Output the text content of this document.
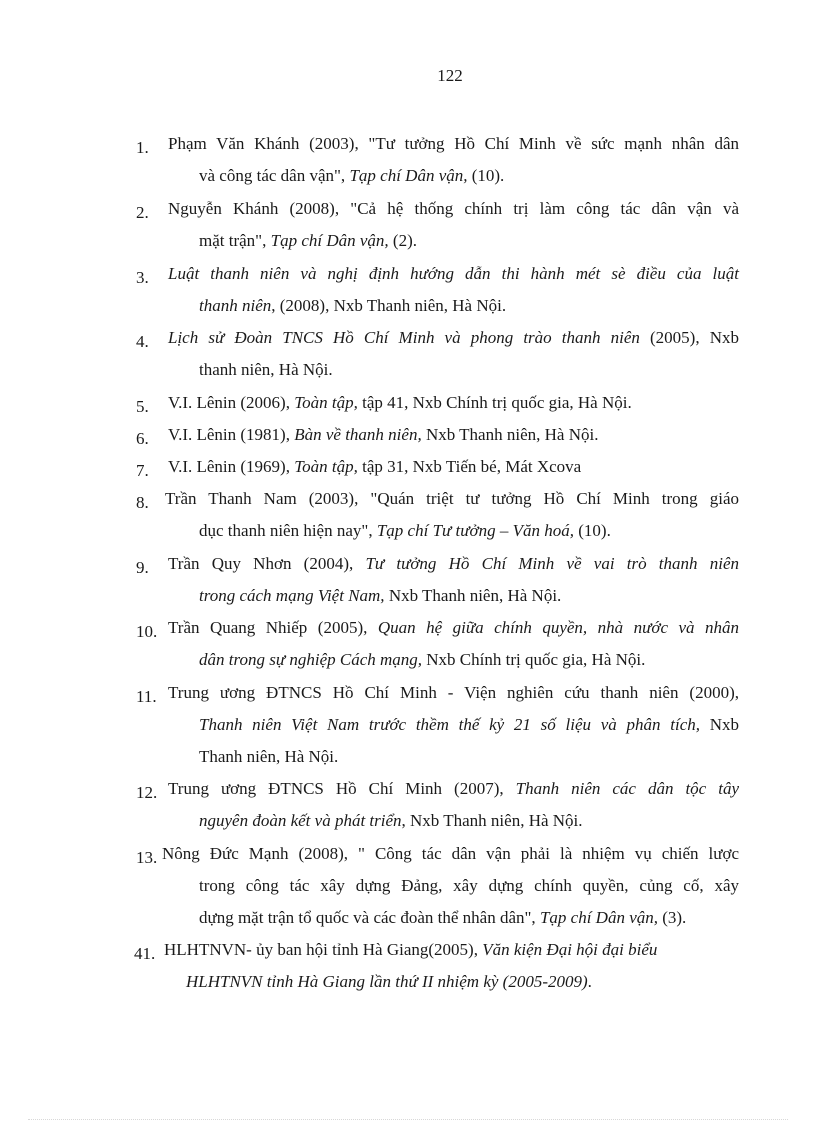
122
1. Phạm Văn Khánh (2003), "Tư tưởng Hồ Chí Minh về sức mạnh nhân dân
và công tác dân vận", Tạp chí Dân vận, (10).
2. Nguyễn Khánh (2008), "Cả hệ thống chính trị làm công tác dân vận và
mặt trận", Tạp chí Dân vận, (2).
3. Luật thanh niên và nghị định hướng dẫn thi hành mét sè điều của luật
thanh niên, (2008), Nxb Thanh niên, Hà Nội.
4. Lịch sử Đoàn TNCS Hồ Chí Minh và phong trào thanh niên (2005), Nxb
thanh niên, Hà Nội.
5. V.I. Lênin (2006), Toàn tập, tập 41, Nxb Chính trị quốc gia, Hà Nội.
6. V.I. Lênin (1981), Bàn về thanh niên, Nxb Thanh niên, Hà Nội.
7. V.I. Lênin (1969), Toàn tập, tập 31, Nxb Tiến bé, Mát Xcova
8. Trần Thanh Nam (2003), "Quán triệt tư tưởng Hồ Chí Minh trong giáo
dục thanh niên hiện nay", Tạp chí Tư tưởng – Văn hoá, (10).
9. Trần Quy Nhơn (2004), Tư tưởng Hồ Chí Minh về vai trò thanh niên
trong cách mạng Việt Nam, Nxb Thanh niên, Hà Nội.
10. Trần Quang Nhiếp (2005), Quan hệ giữa chính quyền, nhà nước và nhân
dân trong sự nghiệp Cách mạng, Nxb Chính trị quốc gia, Hà Nội.
11. Trung ương ĐTNCS Hồ Chí Minh - Viện nghiên cứu thanh niên (2000),
Thanh niên Việt Nam trước thềm thế kỷ 21 số liệu và phân tích, Nxb
Thanh niên, Hà Nội.
12. Trung ương ĐTNCS Hồ Chí Minh (2007), Thanh niên các dân tộc tây
nguyên đoàn kết và phát triển, Nxb Thanh niên, Hà Nội.
13. Nông Đức Mạnh (2008), " Công tác dân vận phải là nhiệm vụ chiến lược
trong công tác xây dựng Đảng, xây dựng chính quyền, củng cố, xây
dựng mặt trận tổ quốc và các đoàn thể nhân dân", Tạp chí Dân vận, (3).
41. HLHTNVN- ủy ban hội tỉnh Hà Giang(2005), Văn kiện Đại hội đại biểu
HLHTNVN tỉnh Hà Giang lần thứ II nhiệm kỳ (2005-2009).
